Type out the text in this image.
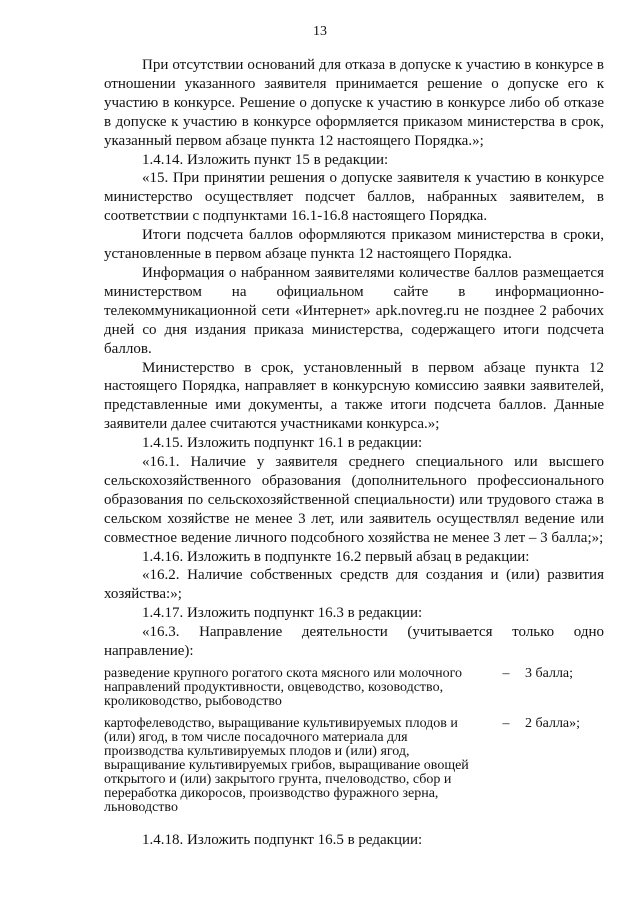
13

При отсутствии оснований для отказа в допуске к участию в конкурсе в отношении указанного заявителя принимается решение о допуске его к участию в конкурсе. Решение о допуске к участию в конкурсе либо об отказе в допуске к участию в конкурсе оформляется приказом министерства в срок, указанный первом абзаце пункта 12 настоящего Порядка.»;

1.4.14. Изложить пункт 15 в редакции:

«15. При принятии решения о допуске заявителя к участию в конкурсе министерство осуществляет подсчет баллов, набранных заявителем, в соответствии с подпунктами 16.1-16.8 настоящего Порядка.

Итоги подсчета баллов оформляются приказом министерства в сроки, установленные в первом абзаце пункта 12 настоящего Порядка.

Информация о набранном заявителями количестве баллов размещается министерством на официальном сайте в информационно-телекоммуникационной сети «Интернет» apk.novreg.ru не позднее 2 рабочих дней со дня издания приказа министерства, содержащего итоги подсчета баллов.

Министерство в срок, установленный в первом абзаце пункта 12 настоящего Порядка, направляет в конкурсную комиссию заявки заявителей, представленные ими документы, а также итоги подсчета баллов. Данные заявители далее считаются участниками конкурса.»;

1.4.15. Изложить подпункт 16.1 в редакции:

«16.1. Наличие у заявителя среднего специального или высшего сельскохозяйственного образования (дополнительного профессионального образования по сельскохозяйственной специальности) или трудового стажа в сельском хозяйстве не менее 3 лет, или заявитель осуществлял ведение или совместное ведение личного подсобного хозяйства не менее 3 лет – 3 балла;»;

1.4.16. Изложить в подпункте 16.2 первый абзац в редакции:

«16.2. Наличие собственных средств для создания и (или) развития хозяйства:»;

1.4.17. Изложить подпункт 16.3 в редакции:

«16.3. Направление деятельности (учитывается только одно направление):

разведение крупного рогатого скота мясного или молочного направлений продуктивности, овцеводство, козоводство, кролиководство, рыбоводство	–	3 балла;
картофелеводство, выращивание культивируемых плодов и (или) ягод, в том числе посадочного материала для производства культивируемых плодов и (или) ягод, выращивание культивируемых грибов, выращивание овощей открытого и (или) закрытого грунта, пчеловодство, сбор и переработка дикоросов, производство фуражного зерна, льноводство	–	2 балла»;

1.4.18. Изложить подпункт 16.5 в редакции:
